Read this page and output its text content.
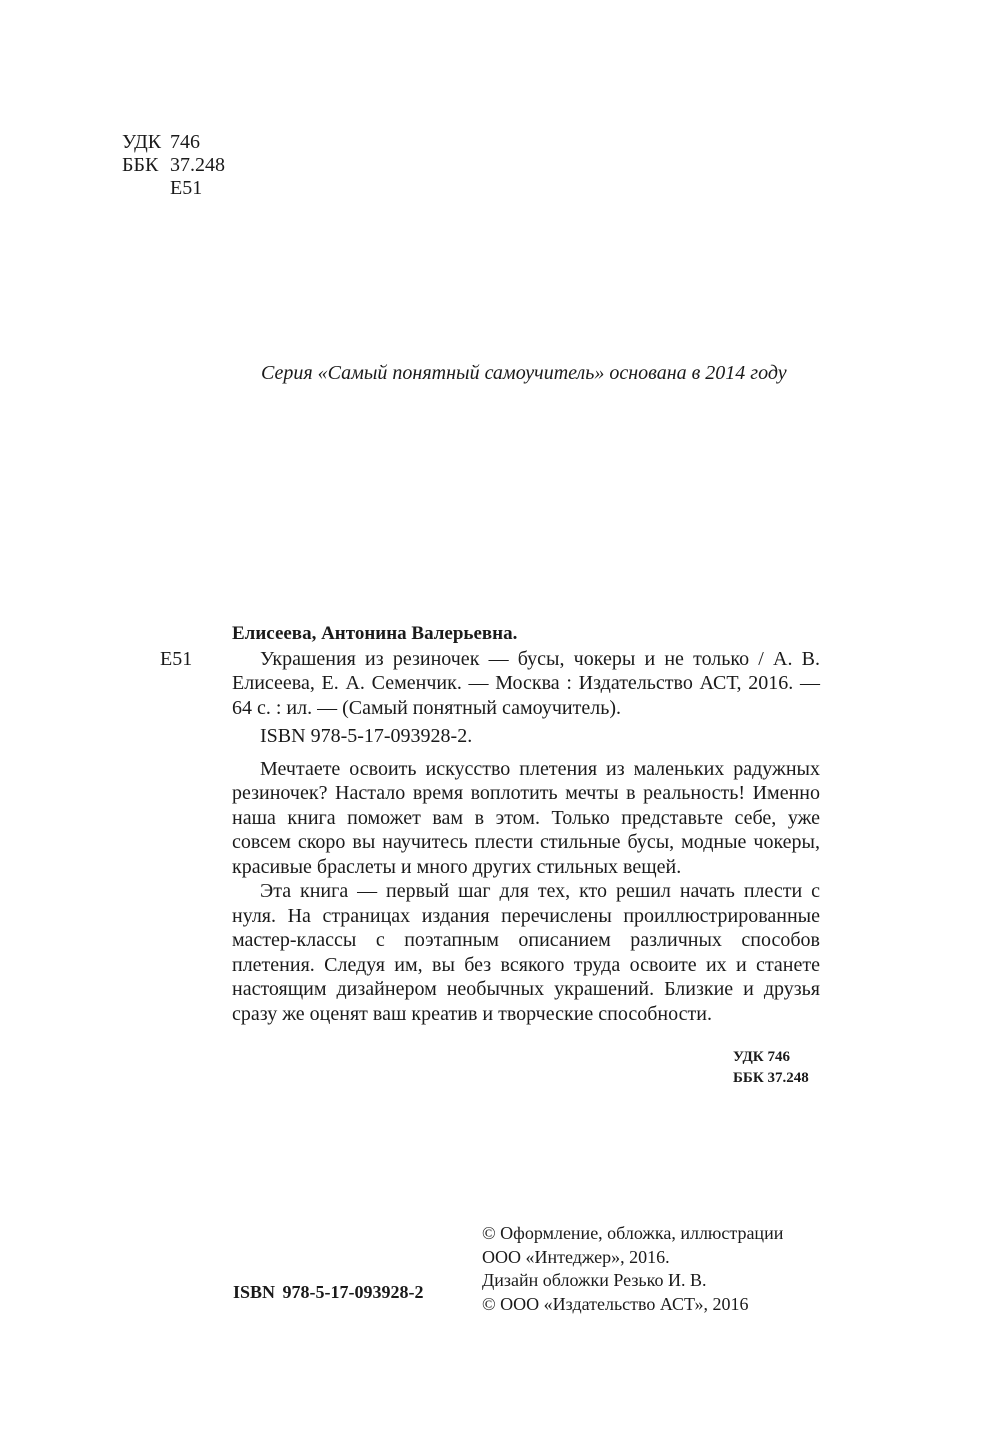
УДК 746
ББК 37.248
Е51
Серия «Самый понятный самоучитель» основана в 2014 году
Елисеева, Антонина Валерьевна.
Е51	Украшения из резиночек — бусы, чокеры и не только / А. В. Елисеева, Е. А. Семенчик. — Москва : Издательство АСТ, 2016. — 64 с. : ил. — (Самый понятный самоучитель).
ISBN 978-5-17-093928-2.

Мечтаете освоить искусство плетения из маленьких радужных резиночек? Настало время воплотить мечты в реальность! Именно наша книга поможет вам в этом. Только представьте себе, уже совсем скоро вы научитесь плести стильные бусы, модные чокеры, красивые браслеты и много других стильных вещей.

Эта книга — первый шаг для тех, кто решил начать плести с нуля. На страницах издания перечислены проиллюстрированные мастер-классы с поэтапным описанием различных способов плетения. Следуя им, вы без всякого труда освоите их и станете настоящим дизайнером необычных украшений. Близкие и друзья сразу же оценят ваш креатив и творческие способности.

УДК 746
ББК 37.248
© Оформление, обложка, иллюстрации
ООО «Интеджер», 2016.
Дизайн обложки Резько И. В.
© ООО «Издательство АСТ», 2016
ISBN 978-5-17-093928-2
